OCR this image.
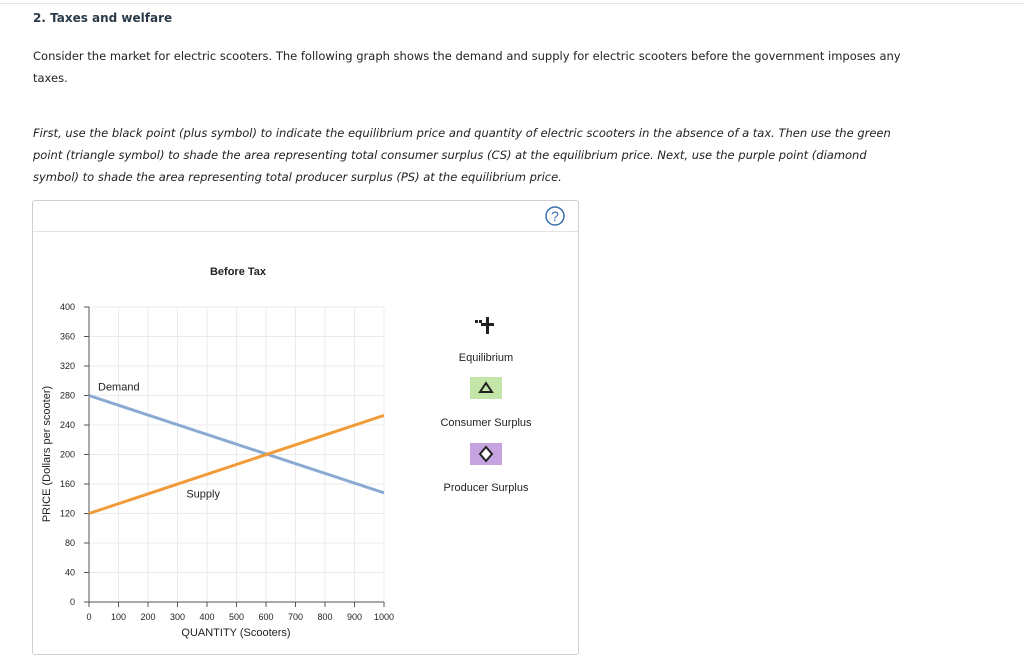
2. Taxes and welfare
Consider the market for electric scooters. The following graph shows the demand and supply for electric scooters before the government imposes any taxes.
First, use the black point (plus symbol) to indicate the equilibrium price and quantity of electric scooters in the absence of a tax. Then use the green point (triangle symbol) to shade the area representing total consumer surplus (CS) at the equilibrium price. Next, use the purple point (diamond symbol) to shade the area representing total producer surplus (PS) at the equilibrium price.
?
Before Tax
0 100 200 300 400 500 600 700 800 900 1000
0
40
80
120
160
200
240
280
320
360
400
Demand
Supply
QUANTITY (Scooters)
PRICE (Dollars per scooter)
Equilibrium
Consumer Surplus
Producer Surplus
